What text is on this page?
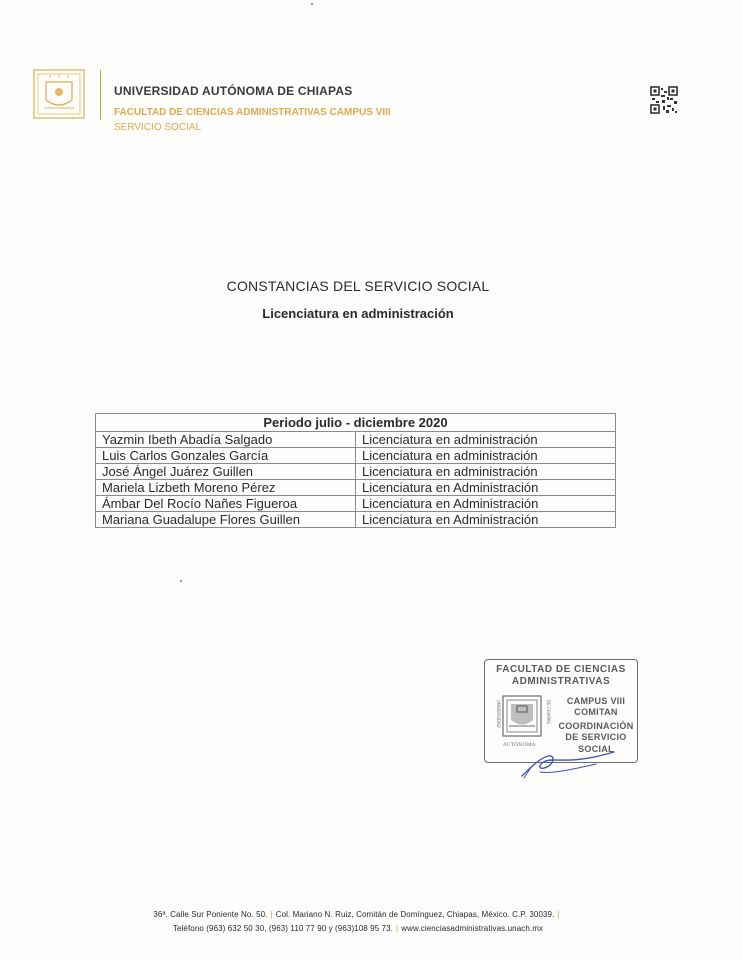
UNIVERSIDAD AUTÓNOMA DE CHIAPAS
FACULTAD DE CIENCIAS ADMINISTRATIVAS CAMPUS VIII
SERVICIO SOCIAL
CONSTANCIAS DEL SERVICIO SOCIAL
Licenciatura en administración
Periodo julio - diciembre 2020	
Yazmin Ibeth Abadía Salgado	Licenciatura en administración
Luis Carlos Gonzales García	Licenciatura en administración
José Ángel Juárez Guillen	Licenciatura en administración
Mariela Lizbeth Moreno Pérez	Licenciatura en Administración
Ámbar Del Rocío Nañes Figueroa	Licenciatura en Administración
Mariana Guadalupe Flores Guillen	Licenciatura en Administración
FACULTAD DE CIENCIAS
ADMINISTRATIVAS
UNIVERSIDAD	DE CHIAPAS
AUTÓNOMA
CAMPUS VIII
COMITAN
COORDINACIÓN
DE SERVICIO
SOCIAL
36ª. Calle Sur Poniente No. 50. | Col. Mariano N. Ruiz, Comitán de Domínguez, Chiapas, México. C.P. 30039. |
Teléfono (963) 632 50 30, (963) 110 77 90 y (963)108 95 73. | www.cienciasadministrativas.unach.mx
